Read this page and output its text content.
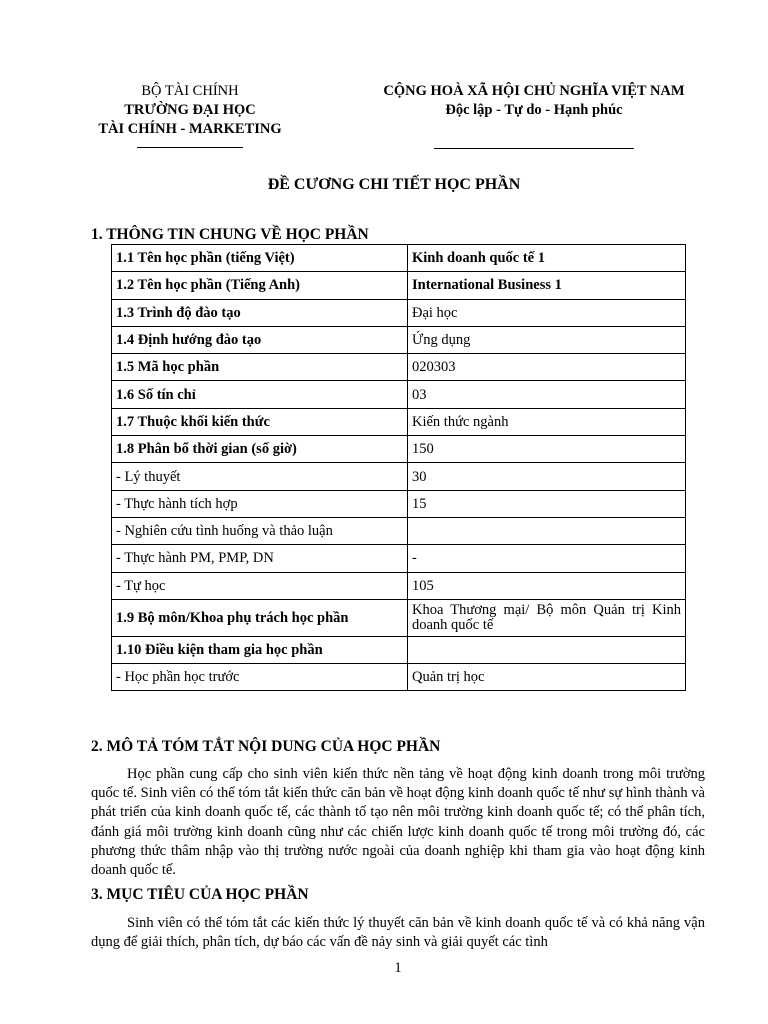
BỘ TÀI CHÍNH
TRƯỜNG ĐẠI HỌC
TÀI CHÍNH - MARKETING
CỘNG HOÀ XÃ HỘI CHỦ NGHĨA VIỆT NAM
Độc lập - Tự do - Hạnh phúc
ĐỀ CƯƠNG CHI TIẾT HỌC PHẦN
1. THÔNG TIN CHUNG VỀ HỌC PHẦN
1.1 Tên học phần (tiếng Việt)	Kinh doanh quốc tế 1
1.2 Tên học phần (Tiếng Anh)	International Business 1
1.3 Trình độ đào tạo	Đại học
1.4 Định hướng đào tạo	Ứng dụng
1.5 Mã học phần	020303
1.6 Số tín chỉ	03
1.7 Thuộc khối kiến thức	Kiến thức ngành
1.8 Phân bổ thời gian (số giờ)	150
- Lý thuyết	30
- Thực hành tích hợp	15
- Nghiên cứu tình huống và thảo luận	
- Thực hành PM, PMP, DN	-
- Tự học	105
1.9 Bộ môn/Khoa phụ trách học phần	Khoa Thương mại/ Bộ môn Quản trị Kinh doanh quốc tế
1.10 Điều kiện tham gia học phần	
- Học phần học trước	Quản trị học
2. MÔ TẢ TÓM TẮT NỘI DUNG CỦA HỌC PHẦN
Học phần cung cấp cho sinh viên kiến thức nền tảng về hoạt động kinh doanh trong môi trường quốc tế. Sinh viên có thể tóm tắt kiến thức căn bản về hoạt động kinh doanh quốc tế như sự hình thành và phát triển của kinh doanh quốc tế, các thành tố tạo nên môi trường kinh doanh quốc tế; có thể phân tích, đánh giá môi trường kinh doanh cũng như các chiến lược kinh doanh quốc tế trong môi trường đó, các phương thức thâm nhập vào thị trường nước ngoài của doanh nghiệp khi tham gia vào hoạt động kinh doanh quốc tế.
3. MỤC TIÊU CỦA HỌC PHẦN
Sinh viên có thể tóm tắt các kiến thức lý thuyết căn bản về kinh doanh quốc tế và có khả năng vận dụng để giải thích, phân tích, dự báo các vấn đề nảy sinh và giải quyết các tình
1
